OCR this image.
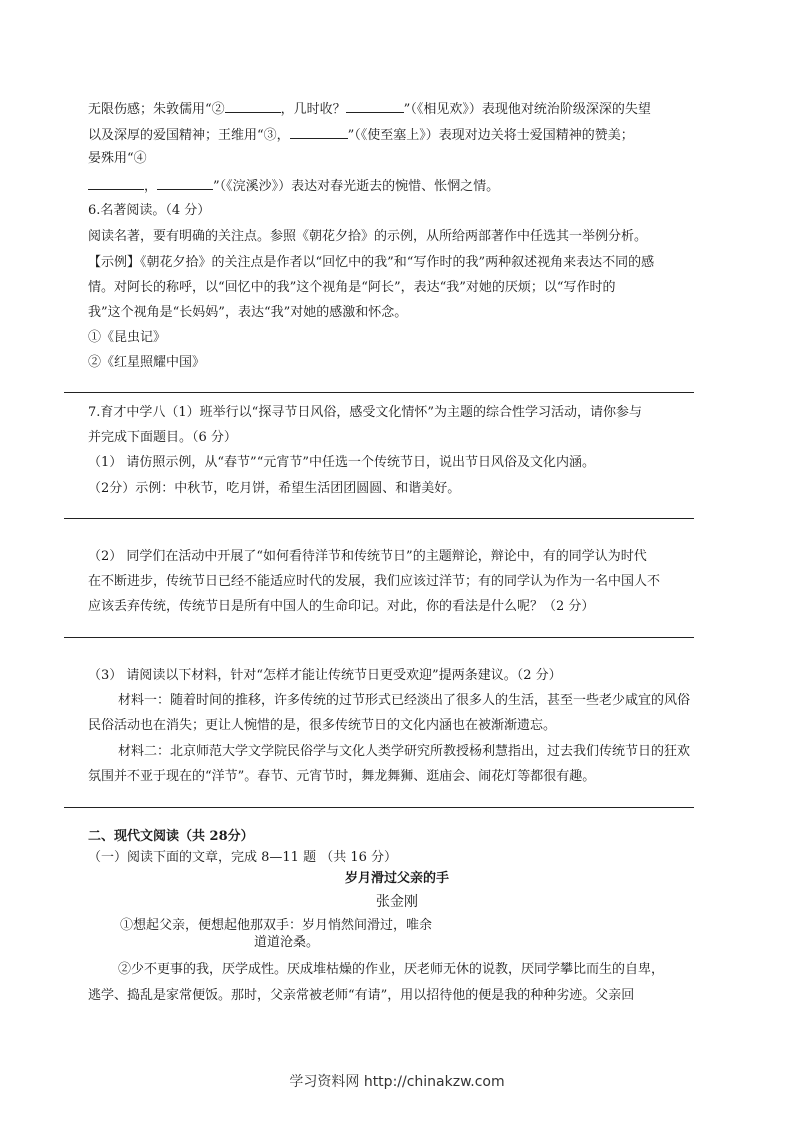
无限伤感；朱敦儒用“②	，几时收？	”（《相见欢》）表现他对统治阶级深深的失望
以及深厚的爱国精神；王维用“③，	”（《使至塞上》）表现对边关将士爱国精神的赞美；
晏殊用“④
，	”（《浣溪沙》）表达对春光逝去的惋惜、怅惘之情。
6.名著阅读。（4 分）
阅读名著，要有明确的关注点。参照《朝花夕拾》的示例，从所给两部著作中任选其一举例分析。
【示例】《朝花夕拾》的关注点是作者以“回忆中的我”和“写作时的我”两种叙述视角来表达不同的感
情。对阿长的称呼，以“回忆中的我”这个视角是“阿长”，表达“我”对她的厌烦；以“写作时的
我”这个视角是“长妈妈”，表达“我”对她的感激和怀念。
①《昆虫记》
②《红星照耀中国》
7.育才中学八（1）班举行以“探寻节日风俗，感受文化情怀”为主题的综合性学习活动，请你参与
并完成下面题目。（6 分）
（1） 请仿照示例，从“春节”“元宵节”中任选一个传统节日，说出节日风俗及文化内涵。
（2分）示例：中秋节，吃月饼，希望生活团团圆圆、和谐美好。
（2） 同学们在活动中开展了“如何看待洋节和传统节日”的主题辩论，辩论中，有的同学认为时代
在不断进步，传统节日已经不能适应时代的发展，我们应该过洋节；有的同学认为作为一名中国人不
应该丢弃传统，传统节日是所有中国人的生命印记。对此，你的看法是什么呢？（2 分）
（3） 请阅读以下材料，针对“怎样才能让传统节日更受欢迎”提两条建议。（2 分）
材料一：随着时间的推移，许多传统的过节形式已经淡出了很多人的生活，甚至一些老少咸宜的风俗
民俗活动也在消失；更让人惋惜的是，很多传统节日的文化内涵也在被渐渐遗忘。
材料二：北京师范大学文学院民俗学与文化人类学研究所教授杨利慧指出，过去我们传统节日的狂欢
氛围并不亚于现在的“洋节”。春节、元宵节时，舞龙舞狮、逛庙会、闹花灯等都很有趣。
二、现代文阅读（共 28分）
（一）阅读下面的文章，完成 8—11 题 （共 16 分）
岁月滑过父亲的手
张金刚
①想起父亲，便想起他那双手：岁月悄然间滑过，唯余
道道沧桑。
②少不更事的我，厌学成性。厌成堆枯燥的作业，厌老师无休的说教，厌同学攀比而生的自卑，
逃学、捣乱是家常便饭。那时，父亲常被老师“有请”，用以招待他的便是我的种种劣迹。父亲回
学习资料网 http://chinakzw.com
